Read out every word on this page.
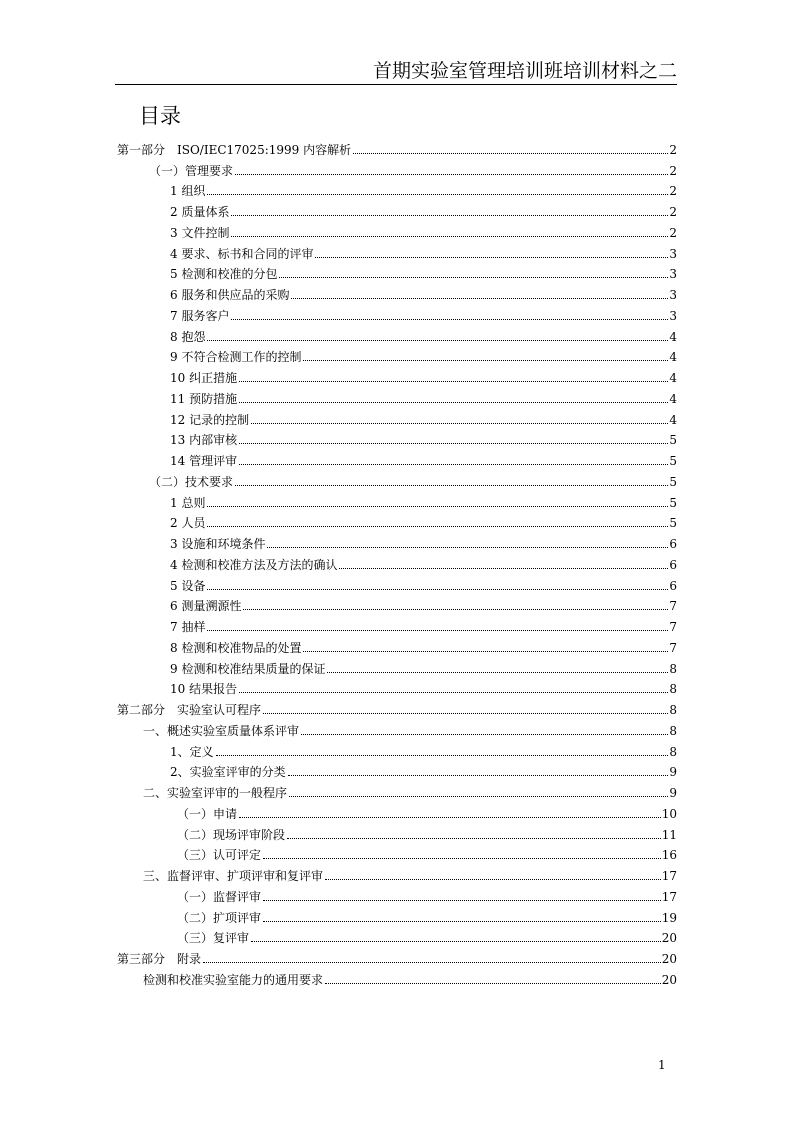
首期实验室管理培训班培训材料之二
目录
第一部分　ISO/IEC17025:1999 内容解析	2
（一）管理要求	2
1 组织	2
2 质量体系	2
3 文件控制	2
4 要求、标书和合同的评审	3
5 检测和校准的分包	3
6 服务和供应品的采购	3
7 服务客户	3
8 抱怨	4
9 不符合检测工作的控制	4
10 纠正措施	4
11 预防措施	4
12 记录的控制	4
13 内部审核	5
14 管理评审	5
（二）技术要求	5
1 总则	5
2 人员	5
3 设施和环境条件	6
4 检测和校准方法及方法的确认	6
5 设备	6
6 测量溯源性	7
7 抽样	7
8 检测和校准物品的处置	7
9 检测和校准结果质量的保证	8
10 结果报告	8
第二部分　实验室认可程序	8
一、概述实验室质量体系评审	8
1、定义	8
2、实验室评审的分类	9
二、实验室评审的一般程序	9
（一）申请	10
（二）现场评审阶段	11
（三）认可评定	16
三、监督评审、扩项评审和复评审	17
（一）监督评审	17
（二）扩项评审	19
（三）复评审	20
第三部分　附录	20
检测和校准实验室能力的通用要求	20
1
